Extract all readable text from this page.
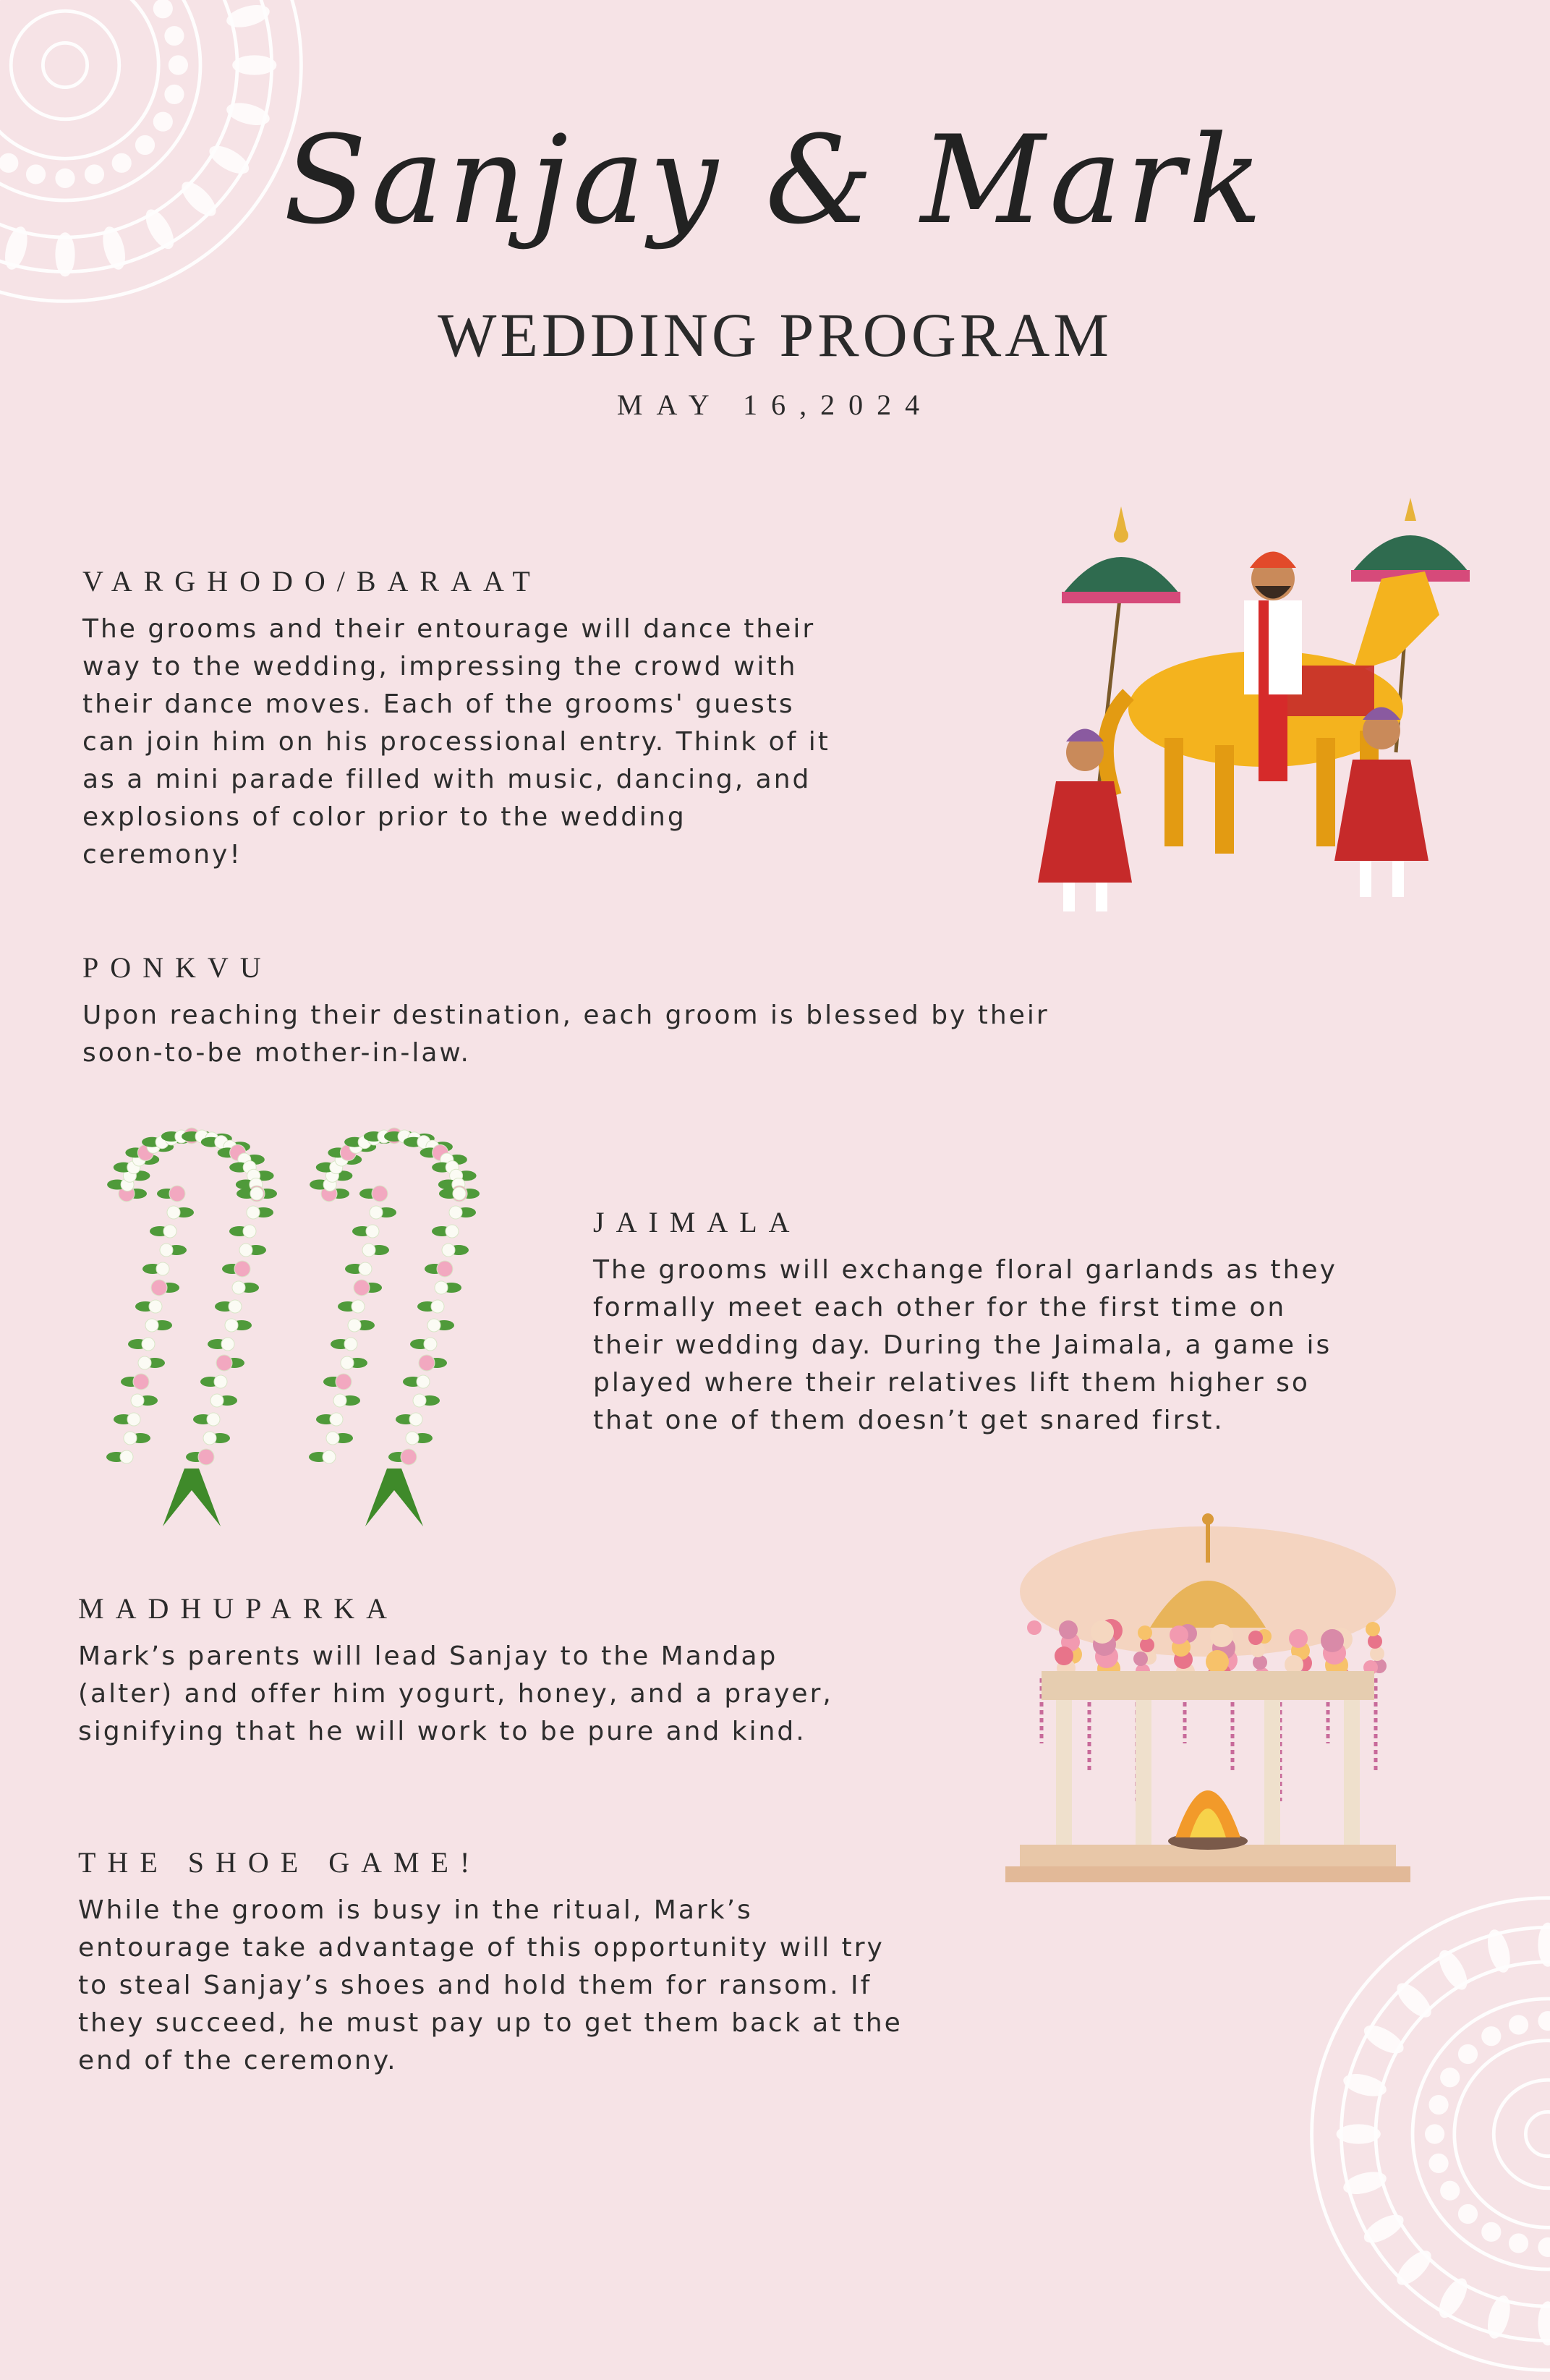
Sanjay & Mark
WEDDING PROGRAM
MAY 16,2024
VARGHODO/BARAAT

The grooms and their entourage will dance their
way to the wedding, impressing the crowd with
their dance moves. Each of the grooms' guests
can join him on his processional entry. Think of it
as a mini parade filled with music, dancing, and
explosions of color prior to the wedding
ceremony!

PONKVU

Upon reaching their destination, each groom is blessed by their
soon-to-be mother-in-law.

JAIMALA

The grooms will exchange floral garlands as they
formally meet each other for the first time on
their wedding day. During the Jaimala, a game is
played where their relatives lift them higher so
that one of them doesn’t get snared first.

MADHUPARKA

Mark’s parents will lead Sanjay to the Mandap
(alter) and offer him yogurt, honey, and a prayer,
signifying that he will work to be pure and kind.

THE SHOE GAME!

While the groom is busy in the ritual, Mark’s
entourage take advantage of this opportunity will try
to steal Sanjay’s shoes and hold them for ransom. If
they succeed, he must pay up to get them back at the
end of the ceremony.
